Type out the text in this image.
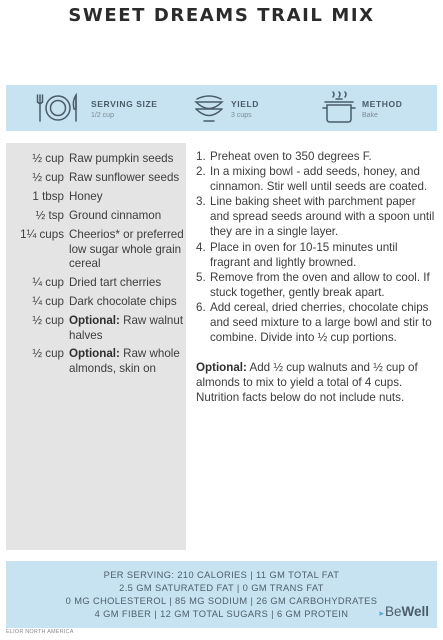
SWEET DREAMS TRAIL MIX
SERVING SIZE
1/2 cup
YIELD
3 cups
METHOD
Bake
½ cup Raw pumpkin seeds
½ cup Raw sunflower seeds
1 tbsp Honey
½ tsp Ground cinnamon
1¼ cups Cheerios* or preferred low sugar whole grain cereal
¼ cup Dried tart cherries
¼ cup Dark chocolate chips
½ cup Optional: Raw walnut halves
½ cup Optional: Raw whole almonds, skin on
1. Preheat oven to 350 degrees F.
2. In a mixing bowl - add seeds, honey, and cinnamon. Stir well until seeds are coated.
3. Line baking sheet with parchment paper and spread seeds around with a spoon until they are in a single layer.
4. Place in oven for 10-15 minutes until fragrant and lightly browned.
5. Remove from the oven and allow to cool. If stuck together, gently break apart.
6. Add cereal, dried cherries, chocolate chips and seed mixture to a large bowl and stir to combine. Divide into ½ cup portions.
Optional: Add ½ cup walnuts and ½ cup of almonds to mix to yield a total of 4 cups. Nutrition facts below do not include nuts.
PER SERVING: 210 CALORIES | 11 GM TOTAL FAT
2.5 GM SATURATED FAT | 0 GM TRANS FAT
0 MG CHOLESTEROL | 85 MG SODIUM | 26 GM CARBOHYDRATES
4 GM FIBER | 12 GM TOTAL SUGARS | 6 GM PROTEIN	▸BeWell
ELIOR NORTH AMERICA
